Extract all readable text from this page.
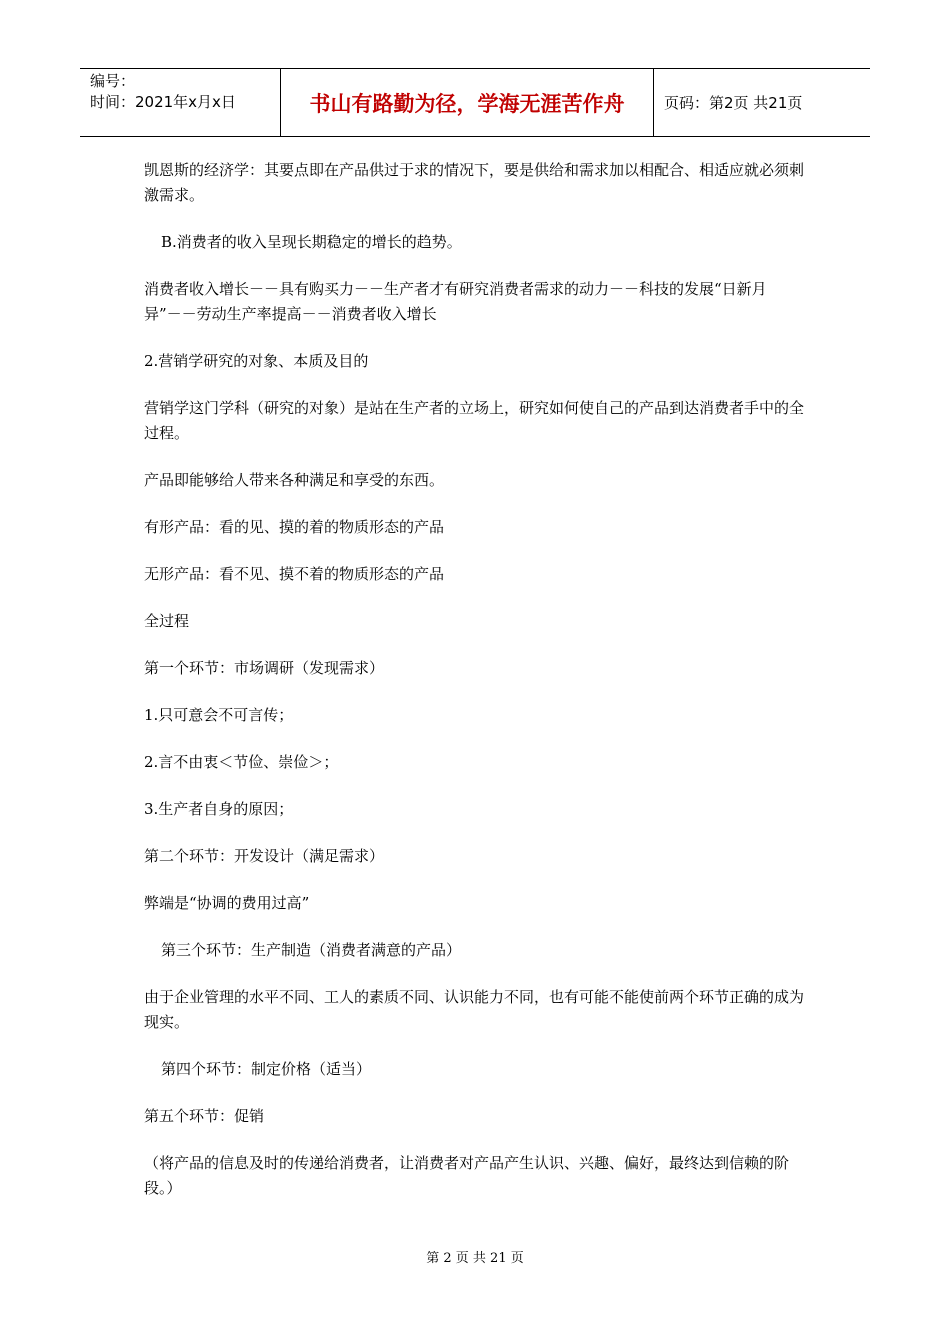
编号：
时间：2021年x月x日	书山有路勤为径，学海无涯苦作舟	页码：第2页 共21页

凯恩斯的经济学：其要点即在产品供过于求的情况下，要是供给和需求加以相配合、相适应就必须刺激需求。

B.消费者的收入呈现长期稳定的增长的趋势。

消费者收入增长－－具有购买力－－生产者才有研究消费者需求的动力－－科技的发展“日新月异”－－劳动生产率提高－－消费者收入增长

2.营销学研究的对象、本质及目的

营销学这门学科（研究的对象）是站在生产者的立场上，研究如何使自己的产品到达消费者手中的全过程。

产品即能够给人带来各种满足和享受的东西。

有形产品：看的见、摸的着的物质形态的产品

无形产品：看不见、摸不着的物质形态的产品

全过程

第一个环节：市场调研（发现需求）

1.只可意会不可言传；

2.言不由衷＜节俭、崇俭＞；

3.生产者自身的原因；

第二个环节：开发设计（满足需求）

弊端是“协调的费用过高”

第三个环节：生产制造（消费者满意的产品）

由于企业管理的水平不同、工人的素质不同、认识能力不同，也有可能不能使前两个环节正确的成为现实。

第四个环节：制定价格（适当）

第五个环节：促销

（将产品的信息及时的传递给消费者，让消费者对产品产生认识、兴趣、偏好，最终达到信赖的阶段。）

第 2 页 共 21 页
